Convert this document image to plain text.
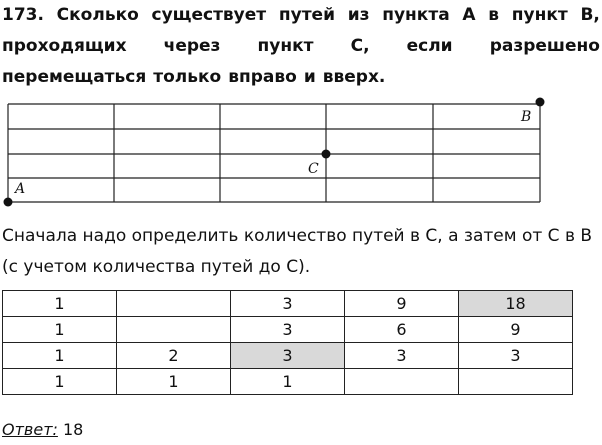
173. Сколько существует путей из пункта A в пункт B,
проходящих через пункт C, если разрешено
перемещаться только вправо и вверх.
A
B
C
Сначала надо определить количество путей в С, а затем от С в В (с учетом количества путей до С).
1		3	9	18
1		3	6	9
1	2	3	3	3
1	1	1		
Ответ: 18
